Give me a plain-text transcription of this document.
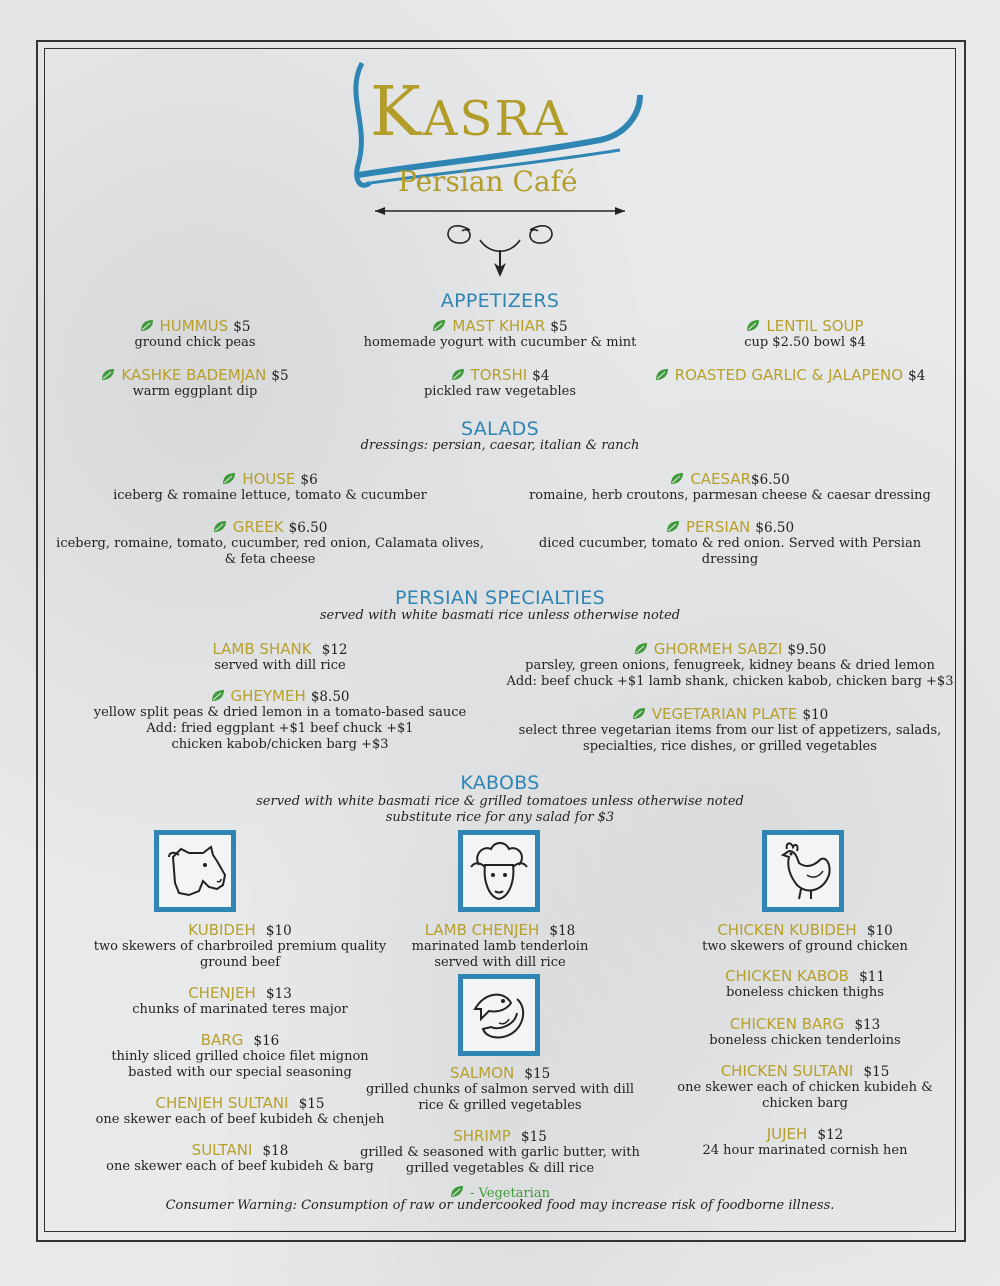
Kasra
Persian Café
APPETIZERS
HUMMUS $5
ground chick peas
MAST KHIAR $5
homemade yogurt with cucumber & mint
LENTIL SOUP
cup $2.50 bowl $4
KASHKE BADEMJAN $5
warm eggplant dip
TORSHI $4
pickled raw vegetables
ROASTED GARLIC & JALAPENO $4
SALADS
dressings: persian, caesar, italian & ranch
HOUSE $6
iceberg & romaine lettuce, tomato & cucumber
CAESAR$6.50
romaine, herb croutons, parmesan cheese & caesar dressing
GREEK $6.50
iceberg, romaine, tomato, cucumber, red onion, Calamata olives, & feta cheese
PERSIAN $6.50
diced cucumber, tomato & red onion. Served with Persian dressing
PERSIAN SPECIALTIES
served with white basmati rice unless otherwise noted
LAMB SHANK $12
served with dill rice
GHORMEH SABZI $9.50
parsley, green onions, fenugreek, kidney beans & dried lemon
Add: beef chuck +$1 lamb shank, chicken kabob, chicken barg +$3
GHEYMEH $8.50
yellow split peas & dried lemon in a tomato-based sauce
Add: fried eggplant +$1 beef chuck +$1
chicken kabob/chicken barg +$3
VEGETARIAN PLATE $10
select three vegetarian items from our list of appetizers, salads,
specialties, rice dishes, or grilled vegetables
KABOBS
served with white basmati rice & grilled tomatoes unless otherwise noted
substitute rice for any salad for $3
KUBIDEH $10
two skewers of charbroiled premium quality
ground beef
CHENJEH $13
chunks of marinated teres major
BARG $16
thinly sliced grilled choice filet mignon
basted with our special seasoning
CHENJEH SULTANI $15
one skewer each of beef kubideh & chenjeh
SULTANI $18
one skewer each of beef kubideh & barg
LAMB CHENJEH $18
marinated lamb tenderloin
served with dill rice
SALMON $15
grilled chunks of salmon served with dill
rice & grilled vegetables
SHRIMP $15
grilled & seasoned with garlic butter, with
grilled vegetables & dill rice
CHICKEN KUBIDEH $10
two skewers of ground chicken
CHICKEN KABOB $11
boneless chicken thighs
CHICKEN BARG $13
boneless chicken tenderloins
CHICKEN SULTANI $15
one skewer each of chicken kubideh &
chicken barg
JUJEH $12
24 hour marinated cornish hen
- Vegetarian
Consumer Warning: Consumption of raw or undercooked food may increase risk of foodborne illness.
